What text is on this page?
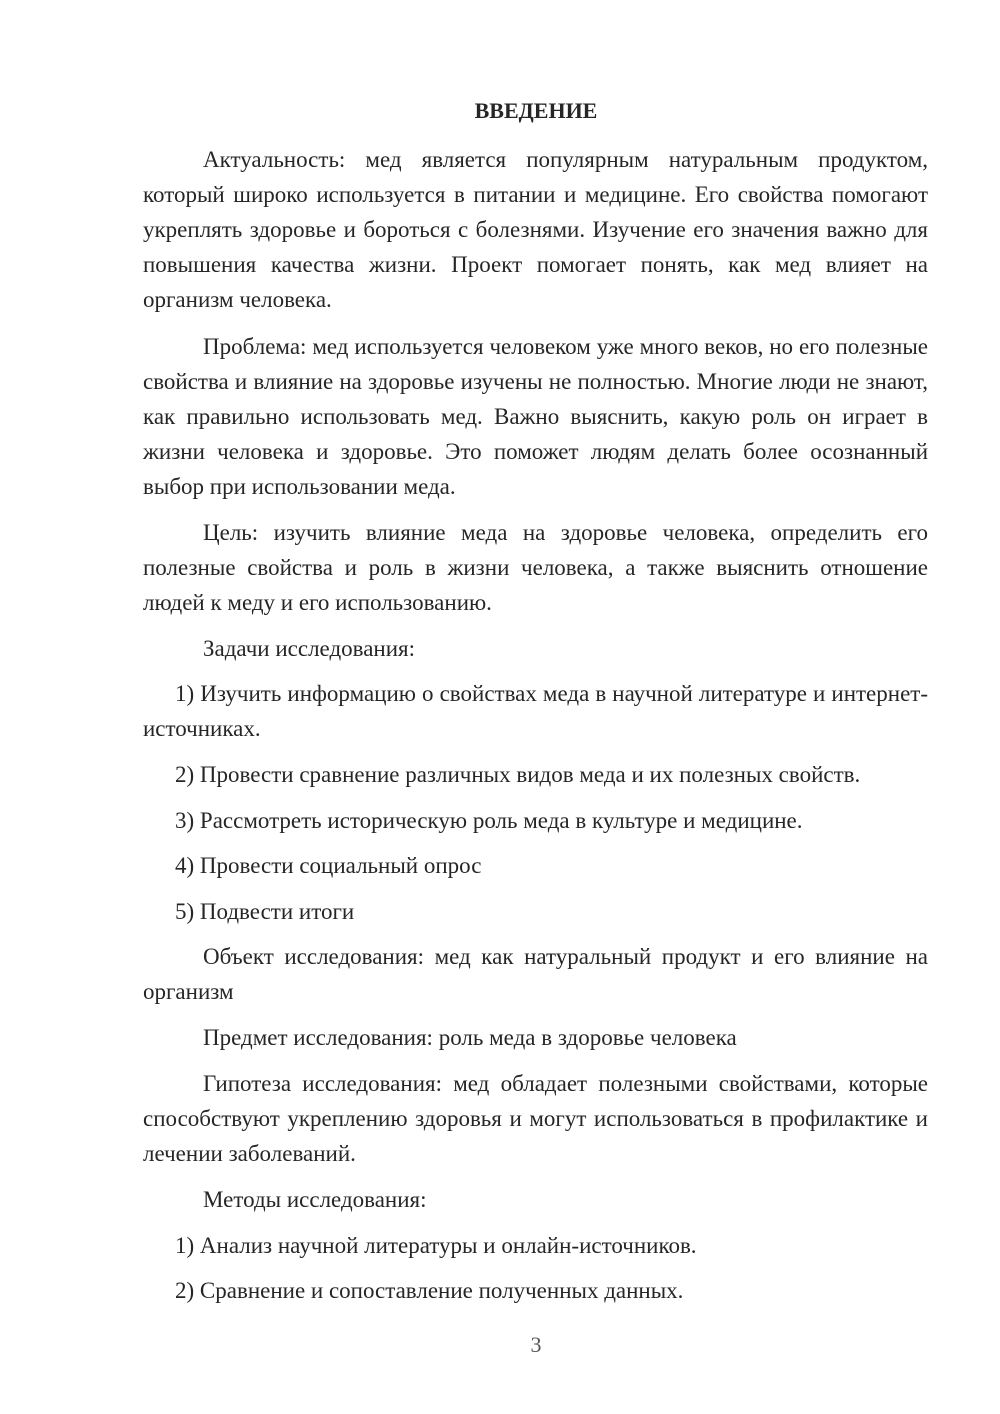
ВВЕДЕНИЕ
Актуальность: мед является популярным натуральным продуктом, который широко используется в питании и медицине. Его свойства помогают укреплять здоровье и бороться с болезнями. Изучение его значения важно для повышения качества жизни. Проект помогает понять, как мед влияет на организм человека.
Проблема: мед используется человеком уже много веков, но его полезные свойства и влияние на здоровье изучены не полностью. Многие люди не знают, как правильно использовать мед. Важно выяснить, какую роль он играет в жизни человека и здоровье. Это поможет людям делать более осознанный выбор при использовании меда.
Цель: изучить влияние меда на здоровье человека, определить его полезные свойства и роль в жизни человека, а также выяснить отношение людей к меду и его использованию.
Задачи исследования:
1) Изучить информацию о свойствах меда в научной литературе и интернет-источниках.
2) Провести сравнение различных видов меда и их полезных свойств.
3) Рассмотреть историческую роль меда в культуре и медицине.
4) Провести социальный опрос
5) Подвести итоги
Объект исследования: мед как натуральный продукт и его влияние на организм
Предмет исследования: роль меда в здоровье человека
Гипотеза исследования: мед обладает полезными свойствами, которые способствуют укреплению здоровья и могут использоваться в профилактике и лечении заболеваний.
Методы исследования:
1) Анализ научной литературы и онлайн-источников.
2) Сравнение и сопоставление полученных данных.
3
